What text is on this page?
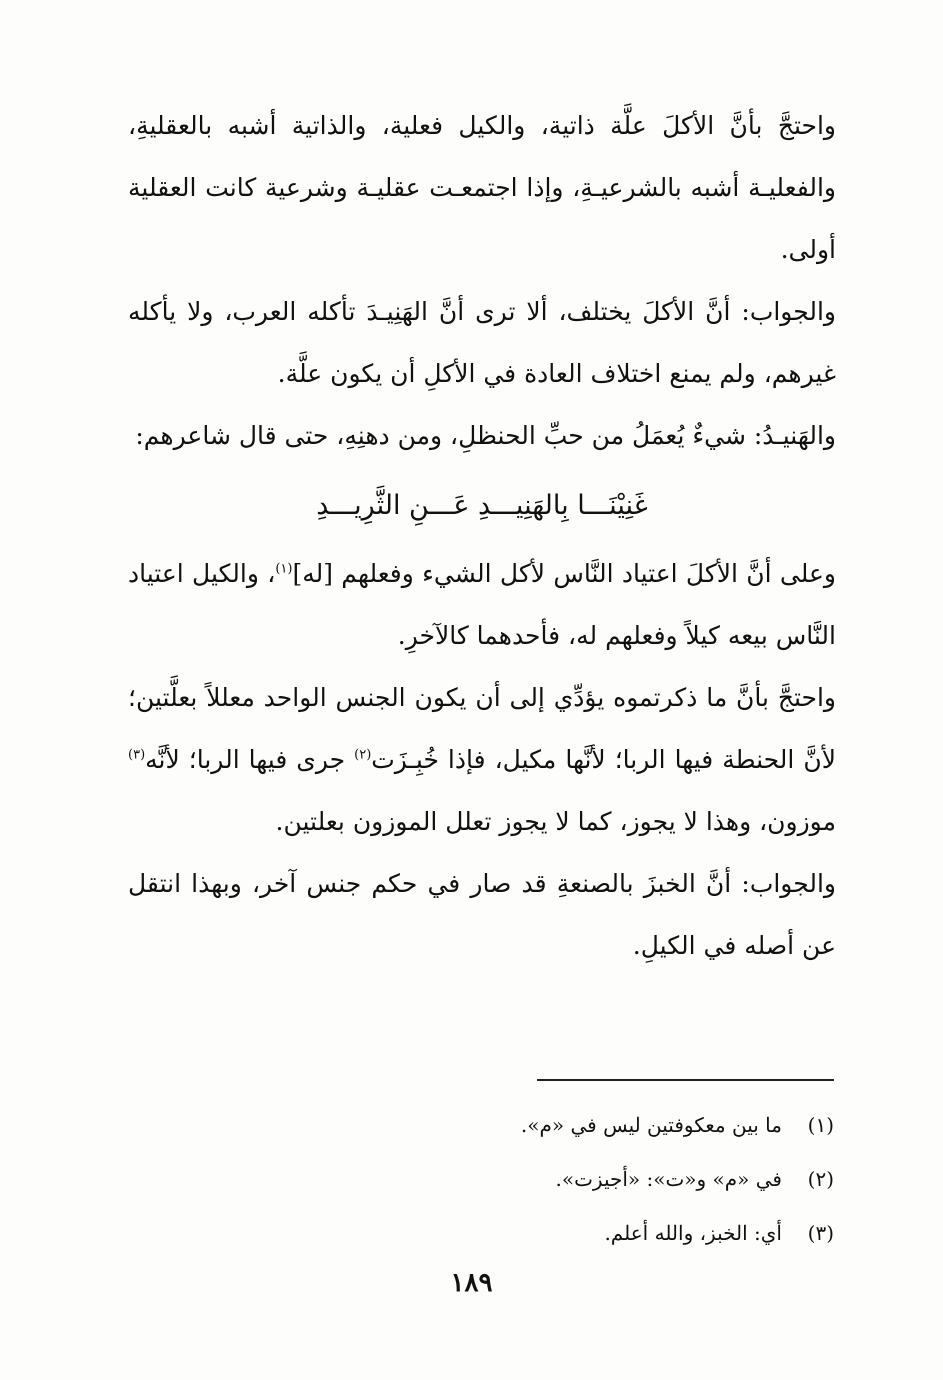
واحتجَّ بأنَّ الأكلَ علَّة ذاتية، والكيل فعلية، والذاتية أشبه بالعقليةِ، والفعليـة أشبه بالشرعيـةِ، وإذا اجتمعـت عقليـة وشرعية كانت العقلية أولى.

والجواب: أنَّ الأكلَ يختلف، ألا ترى أنَّ الهَنِيـدَ تأكله العرب، ولا يأكله غيرهم، ولم يمنع اختلاف العادة في الأكلِ أن يكون علَّة.

والهَنيـدُ: شيءٌ يُعمَلُ من حبِّ الحنظلِ، ومن دهنِهِ، حتى قال شاعرهم:

غَنِيْنَـــا بِالهَنِيـــدِ عَـــنِ الثَّرِيـــدِ

وعلى أنَّ الأكلَ اعتياد النَّاس لأكل الشيء وفعلهم [له]$^{(١)}$، والكيل اعتياد النَّاس بيعه كيلاً وفعلهم له، فأحدهما كالآخرِ.

واحتجَّ بأنَّ ما ذكرتموه يؤدِّي إلى أن يكون الجنس الواحد معللاً بعلَّتين؛ لأنَّ الحنطة فيها الربا؛ لأنَّها مكيل، فإذا خُبِـزَت$^{(٢)}$ جرى فيها الربا؛ لأنَّه$^{(٣)}$ موزون، وهذا لا يجوز، كما لا يجوز تعلل الموزون بعلتين.

والجواب: أنَّ الخبزَ بالصنعةِ قد صار في حكم جنس آخر، وبهذا انتقل عن أصله في الكيلِ.

(١)
ما بين معكوفتين ليس في «م».

(٢)
في «م» و«ت»: «أجيزت».

(٣)
أي: الخبز، والله أعلم.

١٨٩
